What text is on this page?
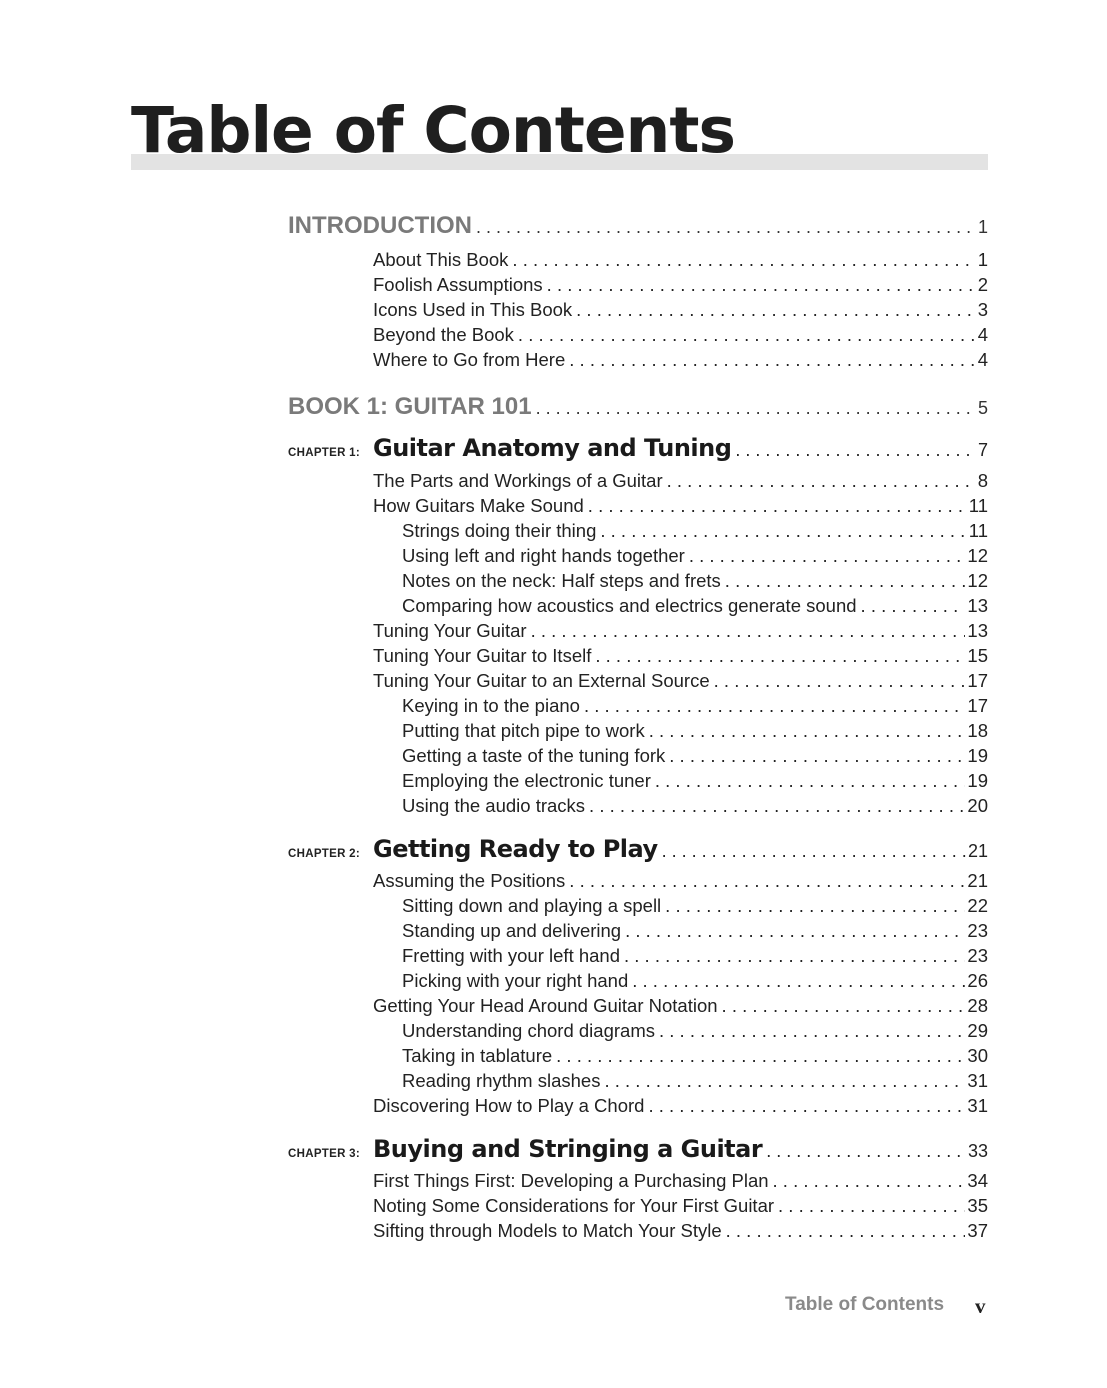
Table of Contents
INTRODUCTION . . .	1
About This Book . . .	1
Foolish Assumptions . . .	2
Icons Used in This Book . . .	3
Beyond the Book . . .	4
Where to Go from Here . . .	4
BOOK 1: GUITAR 101 . . .	5
CHAPTER 1: Guitar Anatomy and Tuning . . .	7
The Parts and Workings of a Guitar . . .	8
How Guitars Make Sound . . .	11
Strings doing their thing . . .	11
Using left and right hands together . . .	12
Notes on the neck: Half steps and frets . . .	12
Comparing how acoustics and electrics generate sound . . .	13
Tuning Your Guitar . . .	13
Tuning Your Guitar to Itself . . .	15
Tuning Your Guitar to an External Source . . .	17
Keying in to the piano . . .	17
Putting that pitch pipe to work . . .	18
Getting a taste of the tuning fork . . .	19
Employing the electronic tuner . . .	19
Using the audio tracks . . .	20
CHAPTER 2: Getting Ready to Play . . .	21
Assuming the Positions . . .	21
Sitting down and playing a spell . . .	22
Standing up and delivering . . .	23
Fretting with your left hand . . .	23
Picking with your right hand . . .	26
Getting Your Head Around Guitar Notation . . .	28
Understanding chord diagrams . . .	29
Taking in tablature . . .	30
Reading rhythm slashes . . .	31
Discovering How to Play a Chord . . .	31
CHAPTER 3: Buying and Stringing a Guitar . . .	33
First Things First: Developing a Purchasing Plan . . .	34
Noting Some Considerations for Your First Guitar . . .	35
Sifting through Models to Match Your Style . . .	37
Table of Contents v
